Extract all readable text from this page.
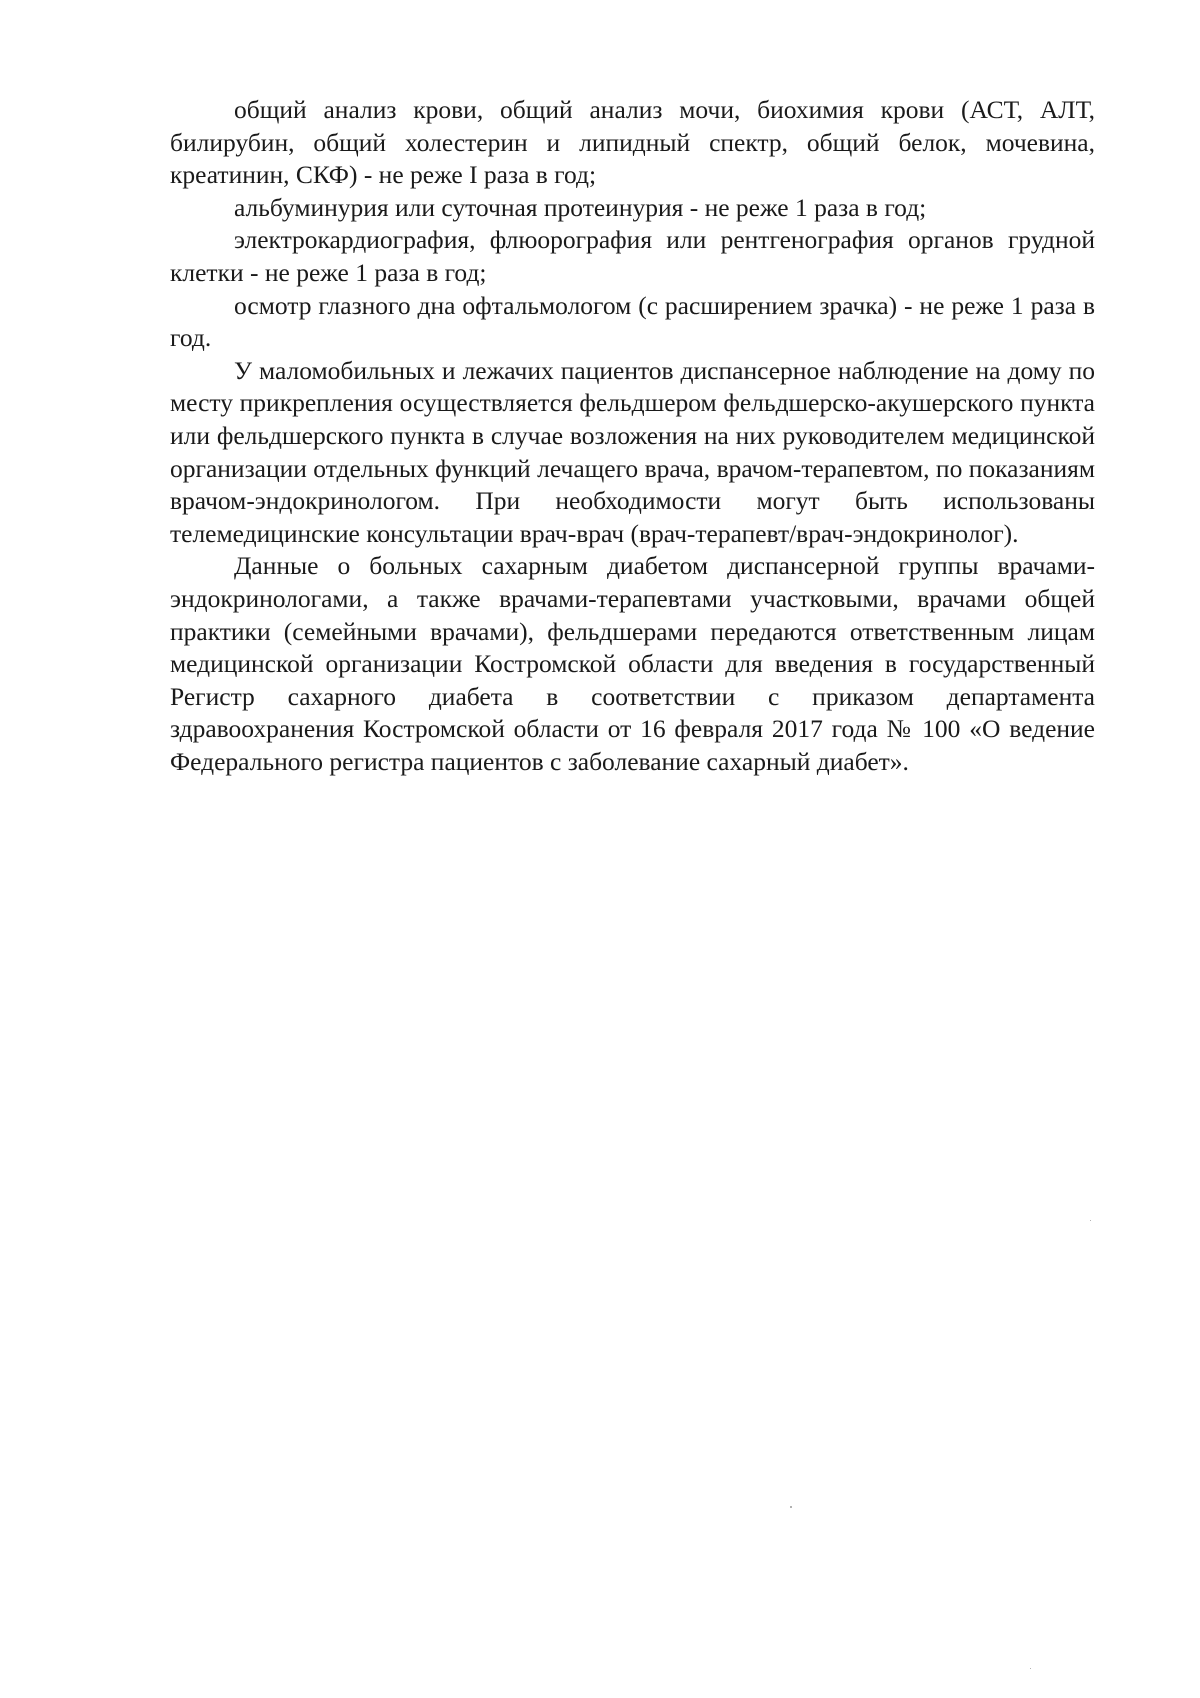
общий анализ крови, общий анализ мочи, биохимия крови (АСТ, АЛТ, билирубин, общий холестерин и липидный спектр, общий белок, мочевина, креатинин, СКФ) - не реже I раза в год;

альбуминурия или суточная протеинурия - не реже 1 раза в год;

электрокардиография, флюорография или рентгенография органов грудной клетки - не реже 1 раза в год;

осмотр глазного дна офтальмологом (с расширением зрачка) - не реже 1 раза в год.

У маломобильных и лежачих пациентов диспансерное наблюдение на дому по месту прикрепления осуществляется фельдшером фельдшерско-акушерского пункта или фельдшерского пункта в случае возложения на них руководителем медицинской организации отдельных функций лечащего врача, врачом-терапевтом, по показаниям врачом-эндокринологом. При необходимости могут быть использованы телемедицинские консультации врач-врач (врач-терапевт/врач-эндокринолог).

Данные о больных сахарным диабетом диспансерной группы врачами-эндокринологами, а также врачами-терапевтами участковыми, врачами общей практики (семейными врачами), фельдшерами передаются ответственным лицам медицинской организации Костромской области для введения в государственный Регистр сахарного диабета в соответствии с приказом департамента здравоохранения Костромской области от 16 февраля 2017 года № 100 «О ведение Федерального регистра пациентов с заболевание сахарный диабет».
